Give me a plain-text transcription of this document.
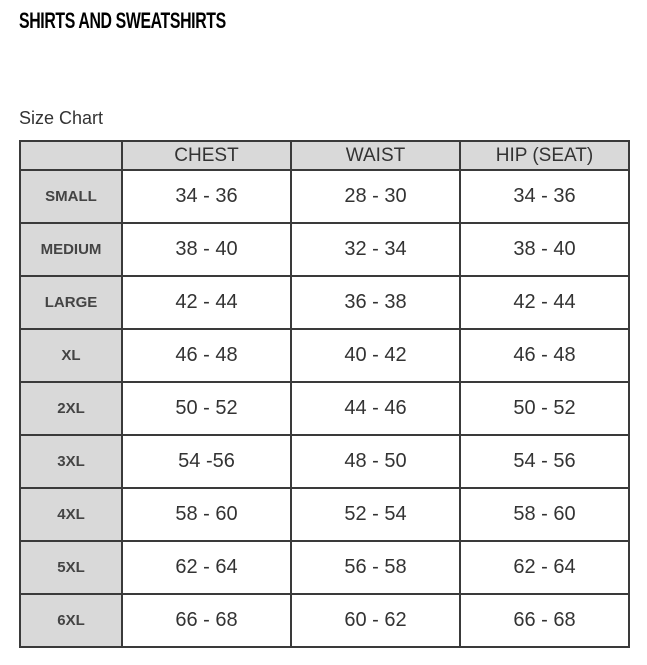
SHIRTS AND SWEATSHIRTS
Size Chart
	CHEST	WAIST	HIP (SEAT)
SMALL	34 - 36	28 - 30	34 - 36
MEDIUM	38 - 40	32 - 34	38 - 40
LARGE	42 - 44	36 - 38	42 - 44
XL	46 - 48	40 - 42	46 - 48
2XL	50 - 52	44 - 46	50 - 52
3XL	54 -56	48 - 50	54 - 56
4XL	58 - 60	52 - 54	58 - 60
5XL	62 - 64	56 - 58	62 - 64
6XL	66 - 68	60 - 62	66 - 68
